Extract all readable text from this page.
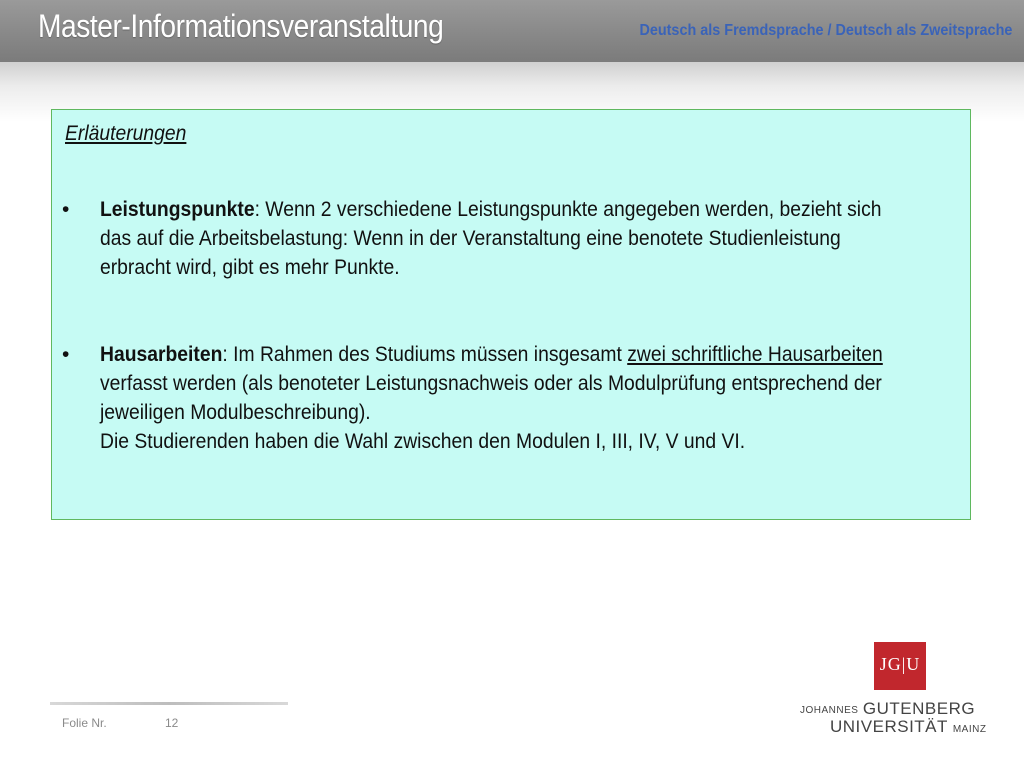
Master-Informationsveranstaltung	Deutsch als Fremdsprache / Deutsch als Zweitsprache
Erläuterungen
•	Leistungspunkte: Wenn 2 verschiedene Leistungspunkte angegeben werden, bezieht sich das auf die Arbeitsbelastung: Wenn in der Veranstaltung eine benotete Studienleistung erbracht wird, gibt es mehr Punkte.
•	Hausarbeiten: Im Rahmen des Studiums müssen insgesamt zwei schriftliche Hausarbeiten verfasst werden (als benoteter Leistungsnachweis oder als Modulprüfung entsprechend der jeweiligen Modulbeschreibung).
Die Studierenden haben die Wahl zwischen den Modulen I, III, IV, V und VI.
Folie Nr.	12
JG|U
JOHANNES GUTENBERG
UNIVERSITÄT MAINZ
